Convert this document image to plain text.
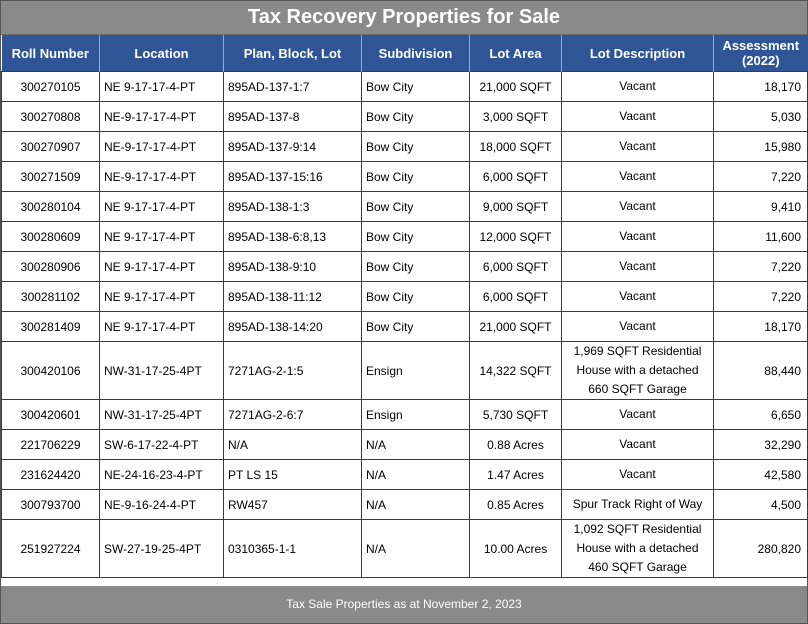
Tax Recovery Properties for Sale
Roll Number	Location	Plan, Block, Lot	Subdivision	Lot Area	Lot Description	Assessment (2022)
300270105	NE 9-17-17-4-PT	895AD-137-1:7	Bow City	21,000 SQFT	Vacant	18,170
300270808	NE-9-17-17-4-PT	895AD-137-8	Bow City	3,000 SQFT	Vacant	5,030
300270907	NE-9-17-17-4-PT	895AD-137-9:14	Bow City	18,000 SQFT	Vacant	15,980
300271509	NE-9-17-17-4-PT	895AD-137-15:16	Bow City	6,000 SQFT	Vacant	7,220
300280104	NE 9-17-17-4-PT	895AD-138-1:3	Bow City	9,000 SQFT	Vacant	9,410
300280609	NE 9-17-17-4-PT	895AD-138-6:8,13	Bow City	12,000 SQFT	Vacant	11,600
300280906	NE 9-17-17-4-PT	895AD-138-9:10	Bow City	6,000 SQFT	Vacant	7,220
300281102	NE 9-17-17-4-PT	895AD-138-11:12	Bow City	6,000 SQFT	Vacant	7,220
300281409	NE 9-17-17-4-PT	895AD-138-14:20	Bow City	21,000 SQFT	Vacant	18,170
300420106	NW-31-17-25-4PT	7271AG-2-1:5	Ensign	14,322 SQFT	1,969 SQFT Residential House with a detached 660 SQFT Garage	88,440
300420601	NW-31-17-25-4PT	7271AG-2-6:7	Ensign	5,730 SQFT	Vacant	6,650
221706229	SW-6-17-22-4-PT	N/A	N/A	0.88 Acres	Vacant	32,290
231624420	NE-24-16-23-4-PT	PT LS 15	N/A	1.47 Acres	Vacant	42,580
300793700	NE-9-16-24-4-PT	RW457	N/A	0.85 Acres	Spur Track Right of Way	4,500
251927224	SW-27-19-25-4PT	0310365-1-1	N/A	10.00 Acres	1,092 SQFT Residential House with a detached 460 SQFT Garage	280,820
Tax Sale Properties as at November 2, 2023
